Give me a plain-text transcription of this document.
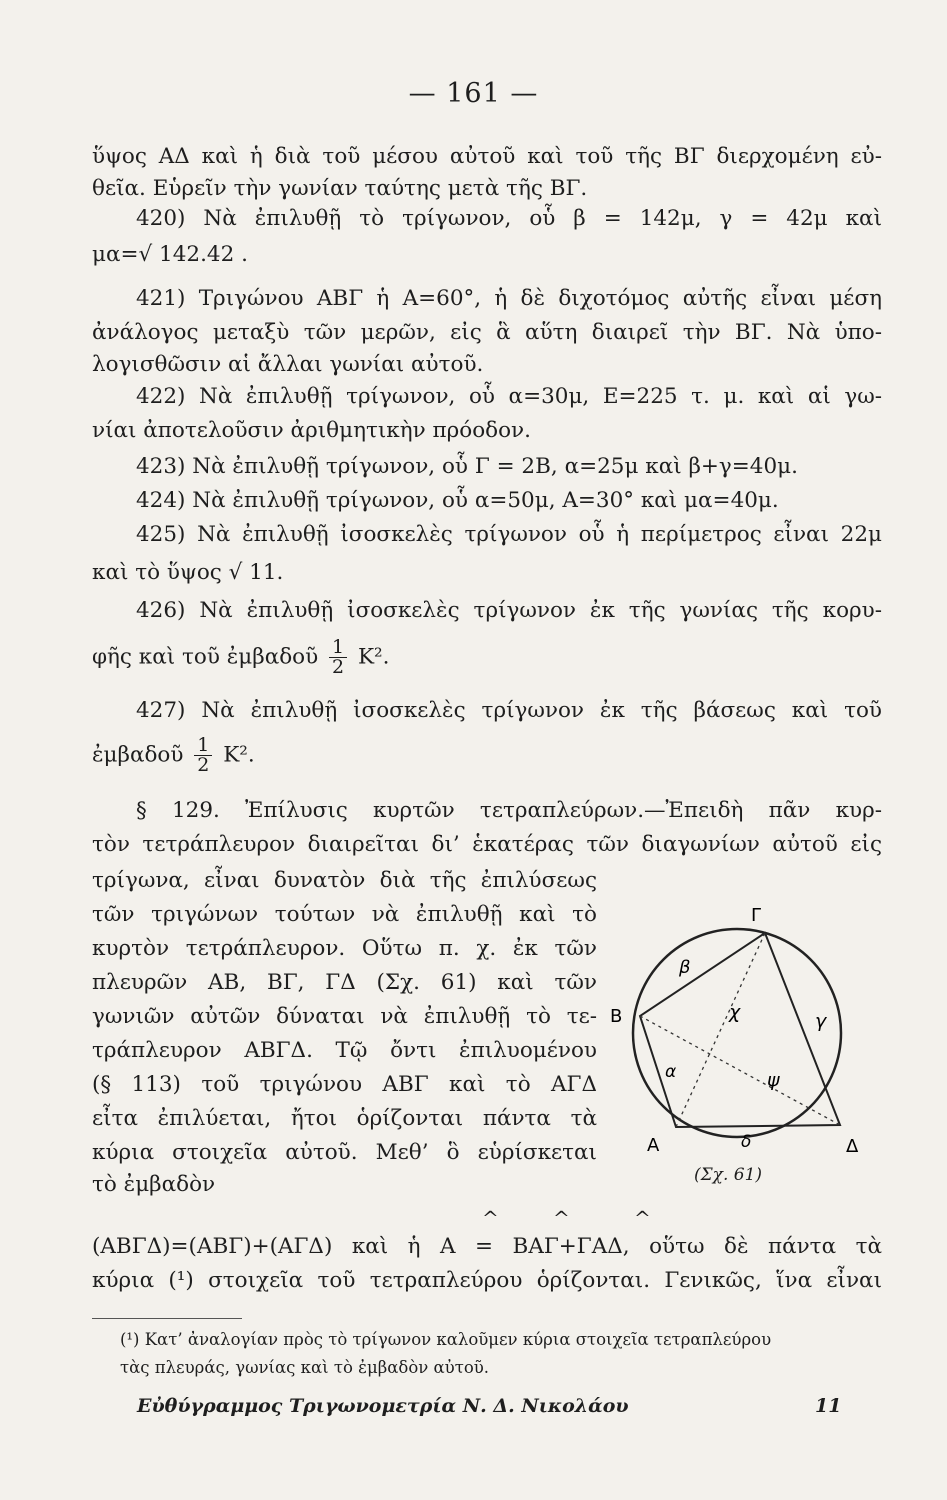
— 161 —
ὕψος ΑΔ καὶ ἡ διὰ τοῦ μέσου αὐτοῦ καὶ τοῦ τῆς ΒΓ διερχομένη εὐ-
θεῖα. Εὑρεῖν τὴν γωνίαν ταύτης μετὰ τῆς ΒΓ.
420) Νὰ ἐπιλυθῇ τὸ τρίγωνον, οὗ β = 142μ, γ = 42μ καὶ
μα=√ 142.42 .
421) Τριγώνου ΑΒΓ ἡ Α=60°, ἡ δὲ διχοτόμος αὐτῆς εἶναι μέση
ἀνάλογος μεταξὺ τῶν μερῶν, εἰς ἃ αὕτη διαιρεῖ τὴν ΒΓ. Νὰ ὑπο-
λογισθῶσιν αἱ ἄλλαι γωνίαι αὐτοῦ.
422) Νὰ ἐπιλυθῇ τρίγωνον, οὗ α=30μ, Ε=225 τ. μ. καὶ αἱ γω-
νίαι ἀποτελοῦσιν ἀριθμητικὴν πρόοδον.
423) Νὰ ἐπιλυθῇ τρίγωνον, οὗ Γ = 2Β, α=25μ καὶ β+γ=40μ.
424) Νὰ ἐπιλυθῇ τρίγωνον, οὗ α=50μ, Α=30° καὶ μα=40μ.
425) Νὰ ἐπιλυθῇ ἰσοσκελὲς τρίγωνον οὗ ἡ περίμετρος εἶναι 22μ
καὶ τὸ ὕψος √ 11.
426) Νὰ ἐπιλυθῇ ἰσοσκελὲς τρίγωνον ἐκ τῆς γωνίας τῆς κορυ-
φῆς καὶ τοῦ ἐμβαδοῦ $\frac{1}{2} K^2$.
427) Νὰ ἐπιλυθῇ ἰσοσκελὲς τρίγωνον ἐκ τῆς βάσεως καὶ τοῦ
ἐμβαδοῦ $\frac{1}{2} K^2$.
§ 129. Ἐπίλυσις κυρτῶν τετραπλεύρων.—Ἐπειδὴ πᾶν κυρ-
τὸν τετράπλευρον διαιρεῖται δι’ ἑκατέρας τῶν διαγωνίων αὐτοῦ εἰς
τρίγωνα, εἶναι δυνατὸν διὰ τῆς ἐπιλύσεως
τῶν τριγώνων τούτων νὰ ἐπιλυθῇ καὶ τὸ
κυρτὸν τετράπλευρον. Οὕτω π. χ. ἐκ τῶν
πλευρῶν ΑΒ, ΒΓ, ΓΔ (Σχ. 61) καὶ τῶν
γωνιῶν αὐτῶν δύναται νὰ ἐπιλυθῇ τὸ τε-
τράπλευρον ΑΒΓΔ. Τῷ ὄντι ἐπιλυομένου
(§ 113) τοῦ τριγώνου ΑΒΓ καὶ τὸ ΑΓΔ
εἶτα ἐπιλύεται, ἤτοι ὁρίζονται πάντα τὰ
κύρια στοιχεῖα αὐτοῦ. Μεθ’ ὃ εὑρίσκεται
τὸ ἐμβαδὸν
^	^	^
(ΑΒΓΔ)=(ΑΒΓ)+(ΑΓΔ) καὶ ἡ Α = ΒΑΓ+ΓΑΔ, οὕτω δὲ πάντα τὰ
κύρια (¹) στοιχεῖα τοῦ τετραπλεύρου ὁρίζονται. Γενικῶς, ἵνα εἶναι
(¹) Κατ’ ἀναλογίαν πρὸς τὸ τρίγωνον καλοῦμεν κύρια στοιχεῖα τετραπλεύρου
τὰς πλευράς, γωνίας καὶ τὸ ἐμβαδὸν αὐτοῦ.
Εὐθύγραμμος Τριγωνομετρία Ν. Δ. Νικολάου	11
Γ
Β
Α	Δ
β
γ
χ
α	ψ
δ
(Σχ. 61)
